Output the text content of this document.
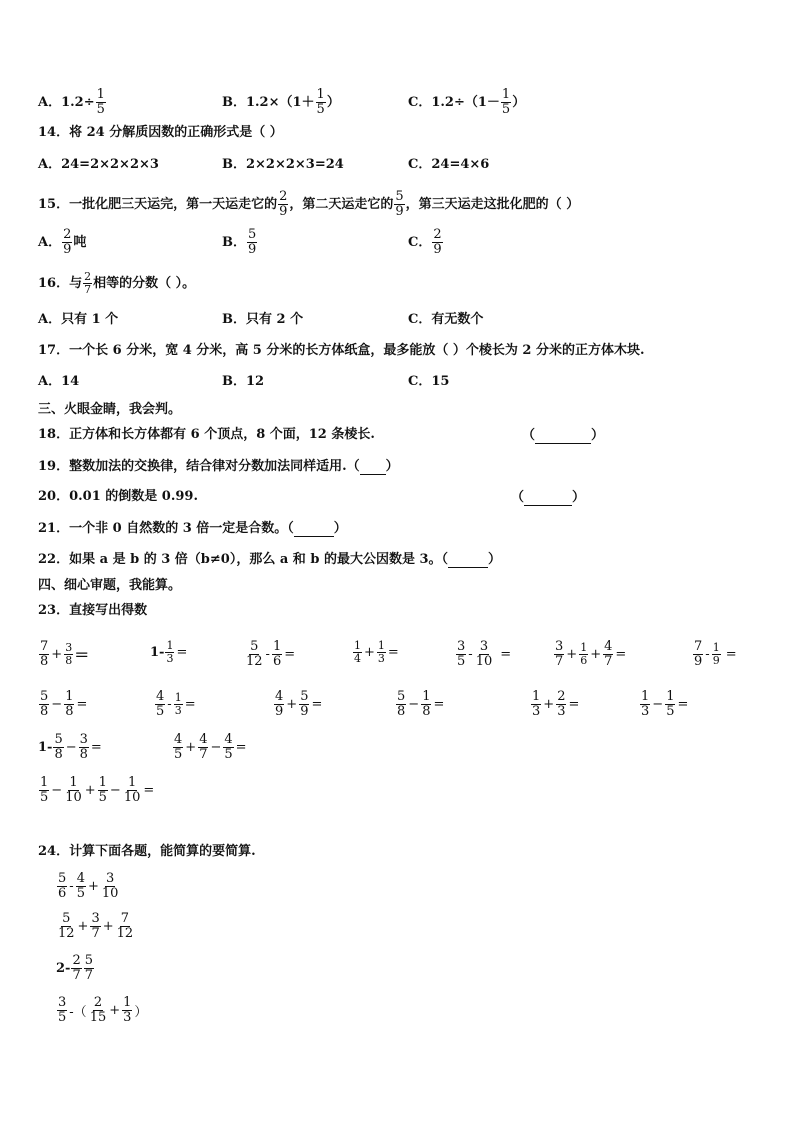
A．$1.2\div \frac{1}{5}$	B．$1.2\times(1+ \frac{1}{5}$ ）	C．$1.2\div(1- \frac{1}{5}$ ）
14．将 24 分解质因数的正确形式是（ ）
A．24=2×2×2×3	B．2×2×2×3=24	C．24=4×6
15．一批化肥三天运完，第一天运走它的 $\frac{2}{9}$ ，第二天运走它的 $\frac{5}{9}$ ，第三天运走这批化肥的（ ）
A． $\frac{2}{9}$ 吨	B． $\frac{5}{9}$	C． $\frac{2}{9}$
16．与 $\frac{2}{7}$ 相等的分数（ ）。
A．只有 1 个	B．只有 2 个	C．有无数个
17．一个长 6 分米，宽 4 分米，高 5 分米的长方体纸盒，最多能放（ ）个棱长为 2 分米的正方体木块.
A．14	B．12	C．15
三、火眼金睛，我会判。
18．正方体和长方体都有 6 个顶点，8 个面，12 条棱长.	（	）
19．整数加法的交换律，结合律对分数加法同样适用.（ ）
20．0.01 的倒数是 0.99.	（	）
21．一个非 0 自然数的 3 倍一定是合数。（	）
22．如果 a 是 b 的 3 倍（b≠0），那么 a 和 b 的最大公因数是 3。（	）
四、细心审题，我能算。
23．直接写出得数
$\frac{7}{8} + \frac{3}{8}$ ＝	$1- \frac{1}{3}$ =	$\frac{5}{12} - \frac{1}{6}$ =	$\frac{1}{4} + \frac{1}{3}$ =	$\frac{3}{5} - \frac{3}{10}$ =	$\frac{3}{7} + \frac{1}{6} + \frac{4}{7}$ =	$\frac{7}{9} - \frac{1}{9}$ =
$\frac{5}{8} - \frac{1}{8}$ =	$\frac{4}{5} - \frac{1}{3}$ =	$\frac{4}{9} + \frac{5}{9}$ =	$\frac{5}{8} - \frac{1}{8}$ =	$\frac{1}{3} + \frac{2}{3}$ =	$\frac{1}{3} - \frac{1}{5}$ =
$1- \frac{5}{8} - \frac{3}{8}$ =	$\frac{4}{5} + \frac{4}{7} - \frac{4}{5}$ =
$\frac{1}{5} - \frac{1}{10} + \frac{1}{5} - \frac{1}{10}$ =
24．计算下面各题，能简算的要简算.
$\frac{5}{6} - \frac{4}{5} + \frac{3}{10}$
$\frac{5}{12} + \frac{3}{7} + \frac{7}{12}$
$2- \frac{2}{7} \frac{5}{7}$
$\frac{3}{5}$ -（ $\frac{2}{15} + \frac{1}{3}$ ）
